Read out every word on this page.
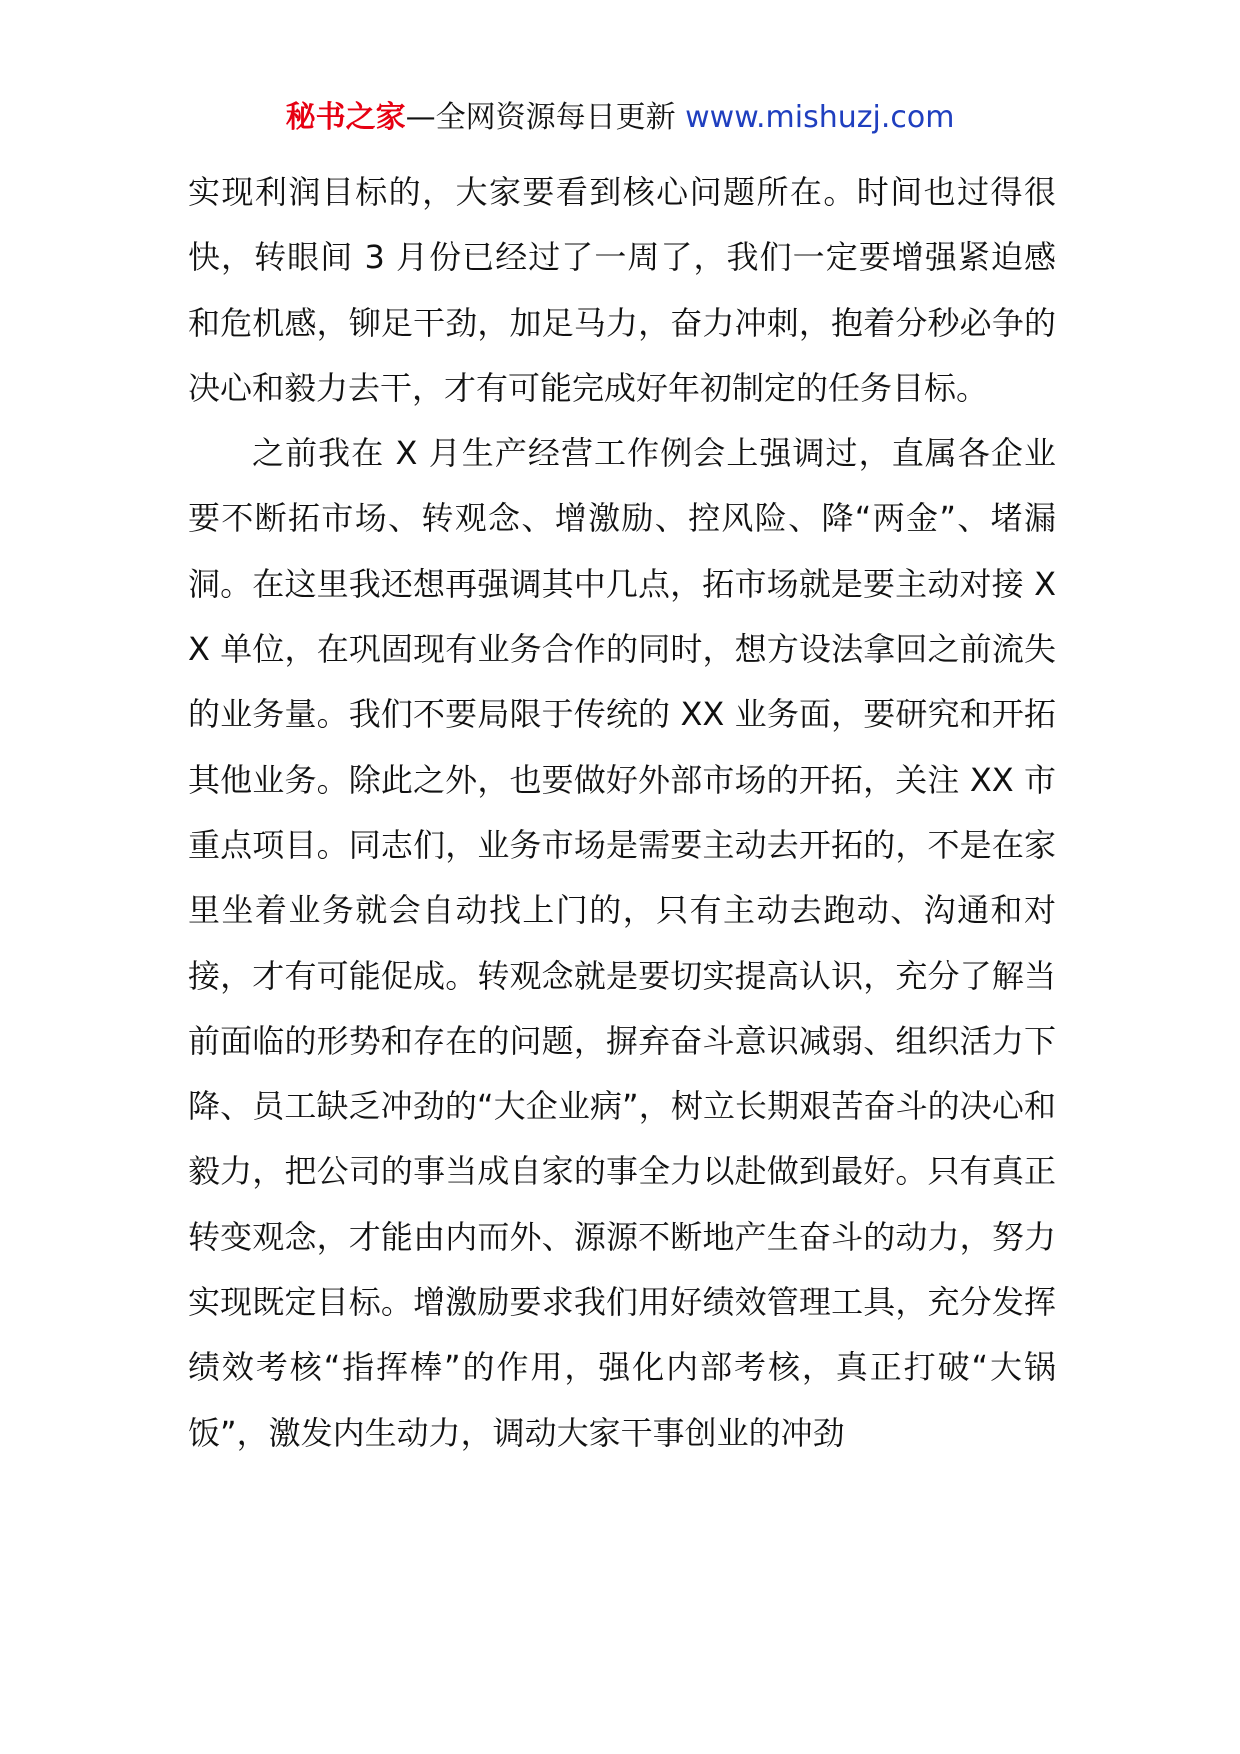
秘书之家—全网资源每日更新 www.mishuzj.com

实现利润目标的，大家要看到核心问题所在。时间也过得很快，转眼间 3 月份已经过了一周了，我们一定要增强紧迫感和危机感，铆足干劲，加足马力，奋力冲刺，抱着分秒必争的决心和毅力去干，才有可能完成好年初制定的任务目标。

之前我在 X 月生产经营工作例会上强调过，直属各企业要不断拓市场、转观念、增激励、控风险、降“两金”、堵漏洞。在这里我还想再强调其中几点，拓市场就是要主动对接 XX 单位，在巩固现有业务合作的同时，想方设法拿回之前流失的业务量。我们不要局限于传统的 XX 业务面，要研究和开拓其他业务。除此之外，也要做好外部市场的开拓，关注 XX 市重点项目。同志们，业务市场是需要主动去开拓的，不是在家里坐着业务就会自动找上门的，只有主动去跑动、沟通和对接，才有可能促成。转观念就是要切实提高认识，充分了解当前面临的形势和存在的问题，摒弃奋斗意识减弱、组织活力下降、员工缺乏冲劲的“大企业病”，树立长期艰苦奋斗的决心和毅力，把公司的事当成自家的事全力以赴做到最好。只有真正转变观念，才能由内而外、源源不断地产生奋斗的动力，努力实现既定目标。增激励要求我们用好绩效管理工具，充分发挥绩效考核“指挥棒”的作用，强化内部考核，真正打破“大锅饭”，激发内生动力，调动大家干事创业的冲劲
